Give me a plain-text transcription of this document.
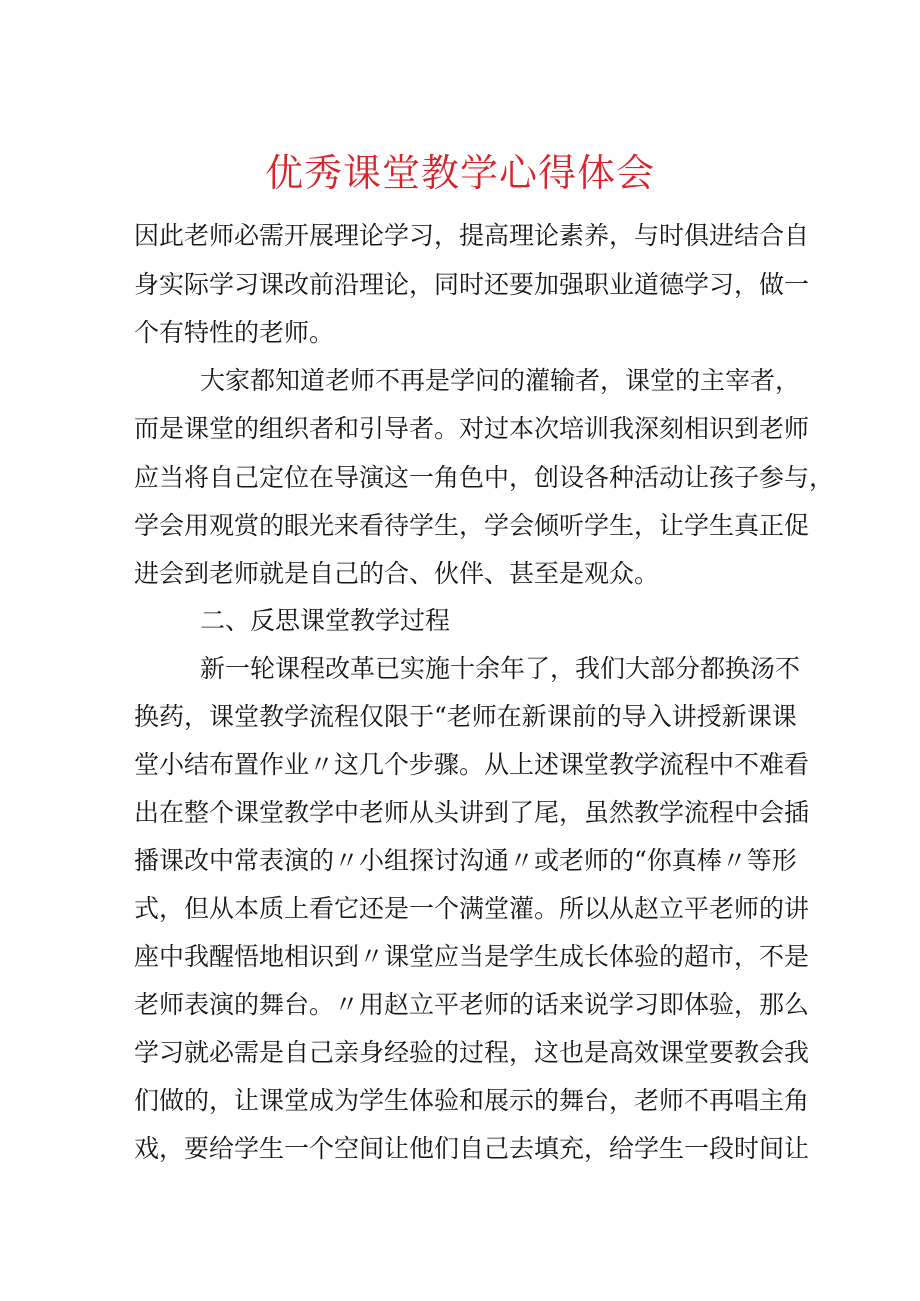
优秀课堂教学心得体会

因此老师必需开展理论学习，提高理论素养，与时俱进结合自

身实际学习课改前沿理论，同时还要加强职业道德学习，做一

个有特性的老师。

大家都知道老师不再是学问的灌输者，课堂的主宰者，

而是课堂的组织者和引导者。对过本次培训我深刻相识到老师

应当将自己定位在导演这一角色中，创设各种活动让孩子参与，

学会用观赏的眼光来看待学生，学会倾听学生，让学生真正促

进会到老师就是自己的合、伙伴、甚至是观众。

二、反思课堂教学过程

新一轮课程改革已实施十余年了，我们大部分都换汤不

换药，课堂教学流程仅限于“老师在新课前的导入讲授新课课

堂小结布置作业〃这几个步骤。从上述课堂教学流程中不难看

出在整个课堂教学中老师从头讲到了尾，虽然教学流程中会插

播课改中常表演的〃小组探讨沟通〃或老师的“你真棒〃等形

式，但从本质上看它还是一个满堂灌。所以从赵立平老师的讲

座中我醒悟地相识到〃课堂应当是学生成长体验的超市，不是

老师表演的舞台。〃用赵立平老师的话来说学习即体验，那么

学习就必需是自己亲身经验的过程，这也是高效课堂要教会我

们做的，让课堂成为学生体验和展示的舞台，老师不再唱主角

戏，要给学生一个空间让他们自己去填充，给学生一段时间让
